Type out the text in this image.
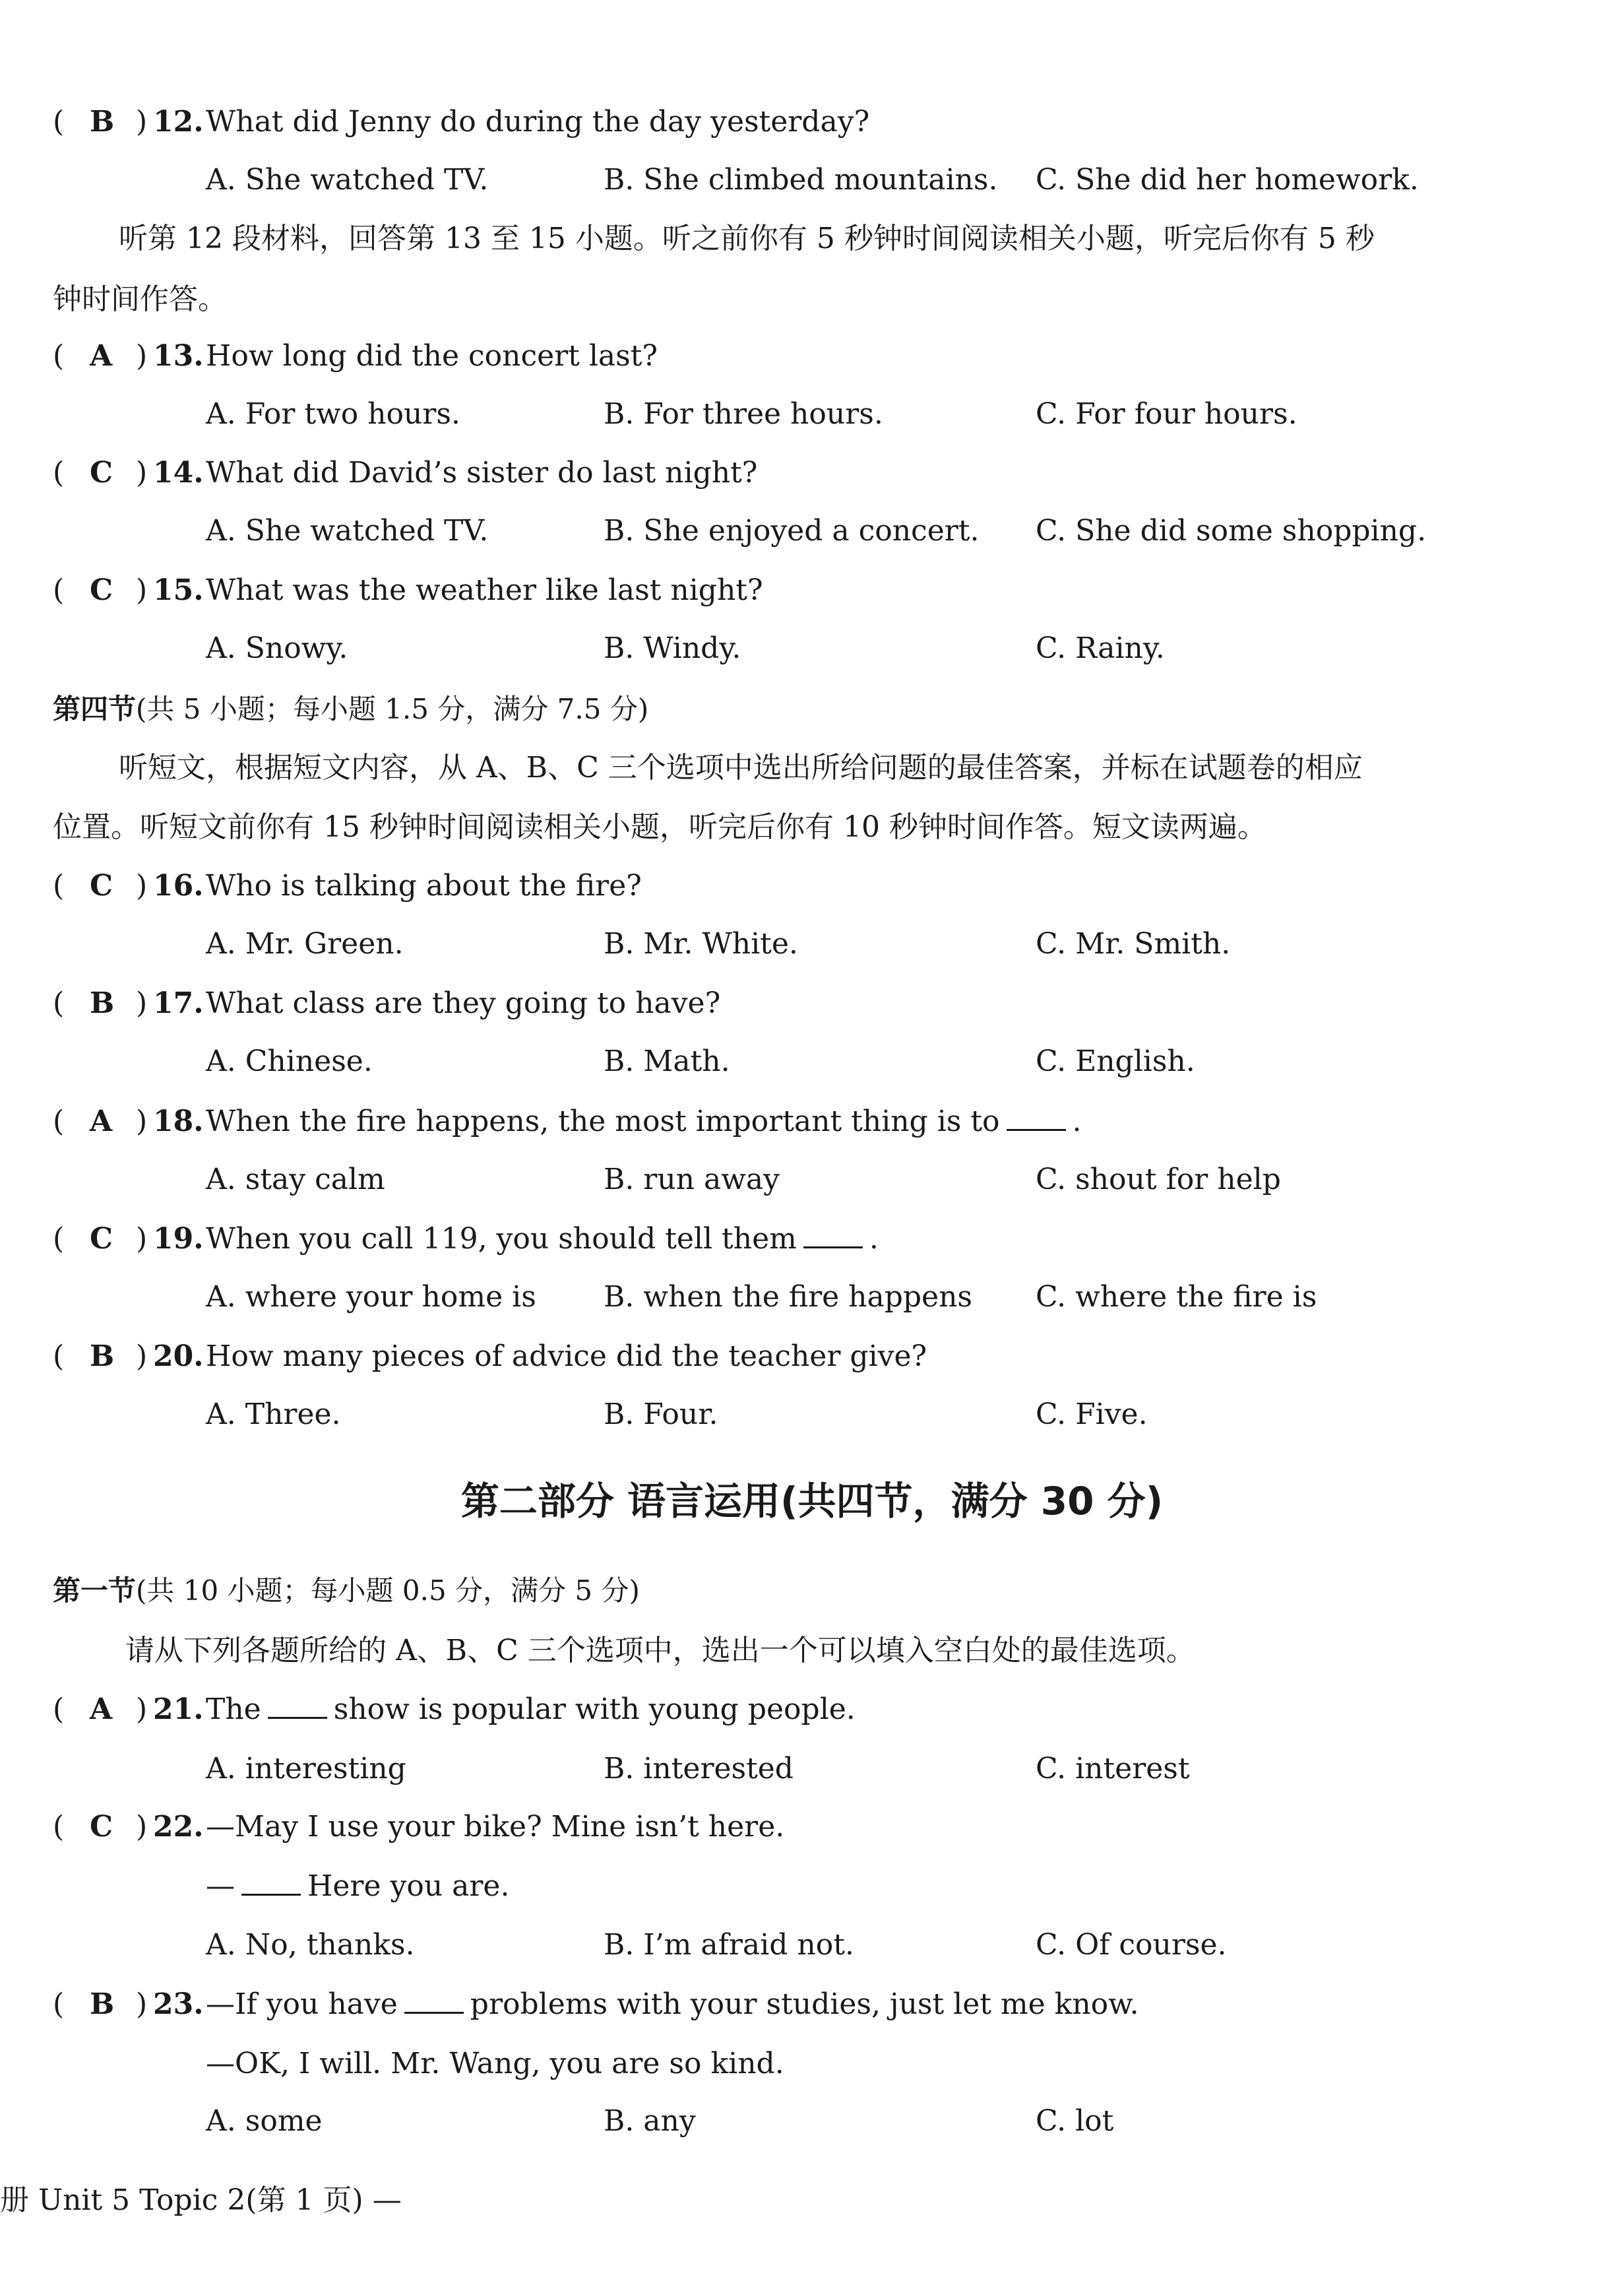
( B ) 12. What did Jenny do during the day yesterday?
A. She watched TV.	B. She climbed mountains. C. She did her homework.
听第 12 段材料，回答第 13 至 15 小题。听之前你有 5 秒钟时间阅读相关小题，听完后你有 5 秒
钟时间作答。
( A ) 13. How long did the concert last?
A. For two hours.	B. For three hours.	C. For four hours.
( C ) 14. What did David’s sister do last night?
A. She watched TV.	B. She enjoyed a concert. C. She did some shopping.
( C ) 15. What was the weather like last night?
A. Snowy.	B. Windy.	C. Rainy.
第四节(共 5 小题；每小题 1.5 分，满分 7.5 分)
听短文，根据短文内容，从 A、B、C 三个选项中选出所给问题的最佳答案，并标在试题卷的相应
位置。听短文前你有 15 秒钟时间阅读相关小题，听完后你有 10 秒钟时间作答。短文读两遍。
( C ) 16. Who is talking about the fire?
A. Mr. Green.	B. Mr. White.	C. Mr. Smith.
( B ) 17. What class are they going to have?
A. Chinese.	B. Math.	C. English.
( A ) 18. When the fire happens, the most important thing is to	.
A. stay calm	B. run away	C. shout for help
( C ) 19. When you call 119, you should tell them	.
A. where your home is B. when the fire happens C. where the fire is
( B ) 20. How many pieces of advice did the teacher give?
A. Three.	B. Four.	C. Five.
第二部分 语言运用(共四节，满分 30 分)
第一节(共 10 小题；每小题 0.5 分，满分 5 分)
请从下列各题所给的 A、B、C 三个选项中，选出一个可以填入空白处的最佳选项。
( A ) 21. The	show is popular with young people.
A. interesting	B. interested	C. interest
( C ) 22. —May I use your bike? Mine isn’t here.
—	Here you are.
A. No, thanks.	B. I’m afraid not.	C. Of course.
( B ) 23. —If you have	problems with your studies, just let me know.
—OK, I will. Mr. Wang, you are so kind.
A. some	B. any	C. lot
册 Unit 5 Topic 2(第 1 页) —
